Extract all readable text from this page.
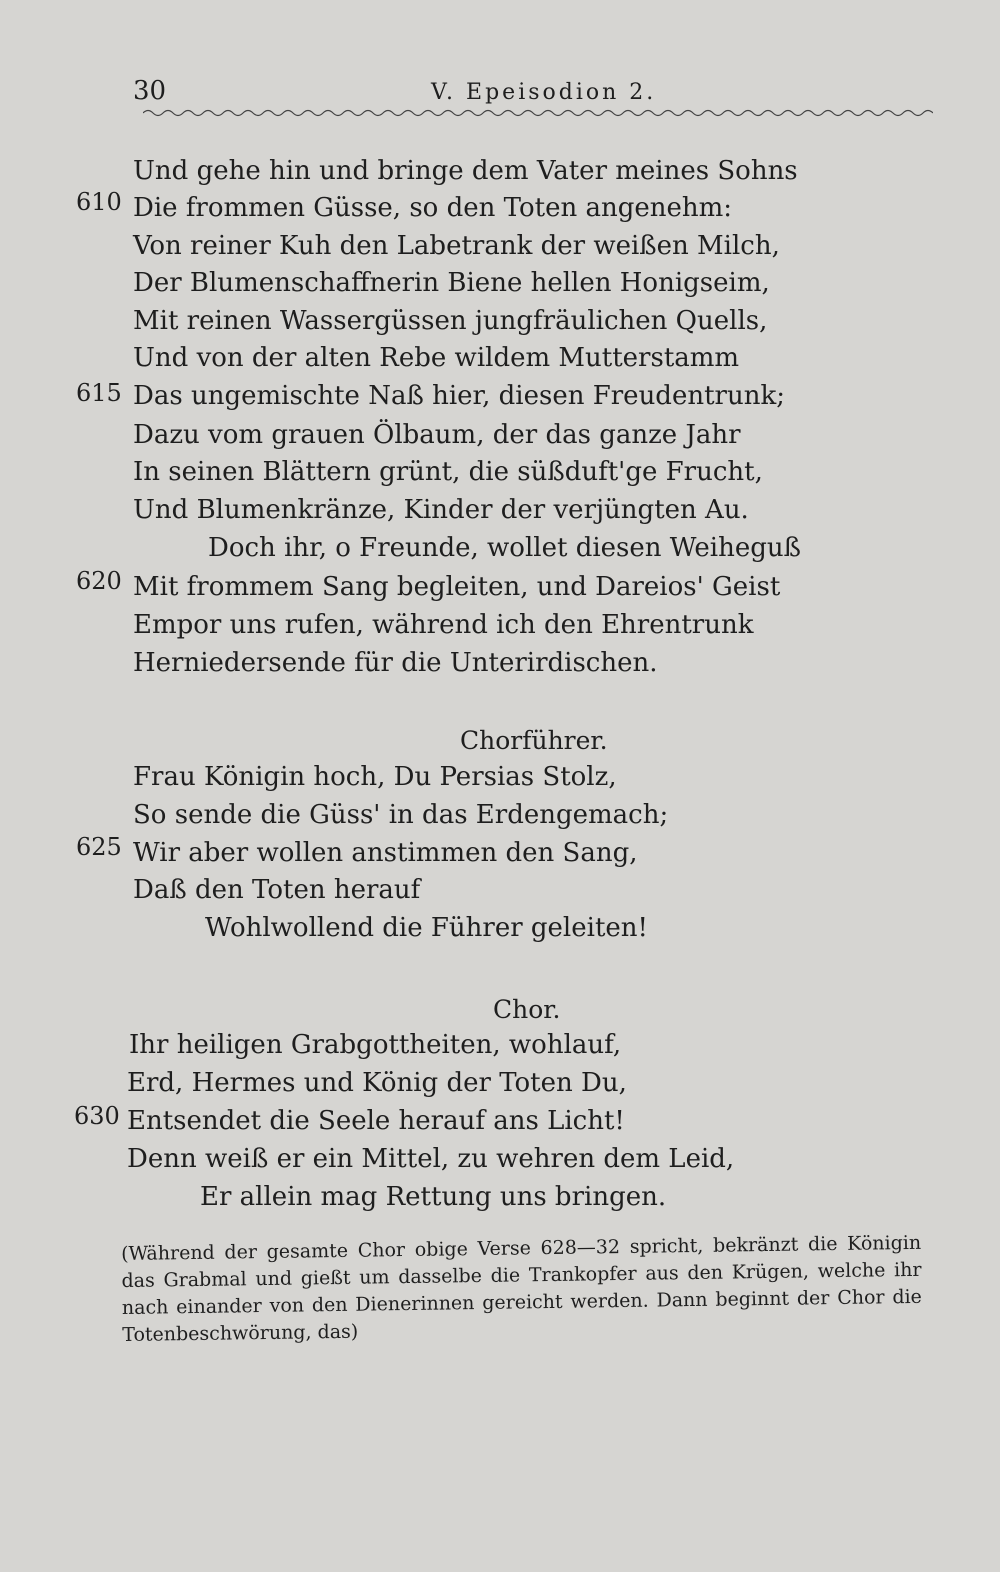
30	V. Epeisodion 2.
Und gehe hin und bringe dem Vater meines Sohns
610 Die frommen Güsse, so den Toten angenehm:
Von reiner Kuh den Labetrank der weißen Milch,
Der Blumenschaffnerin Biene hellen Honigseim,
Mit reinen Wassergüssen jungfräulichen Quells,
Und von der alten Rebe wildem Mutterstamm
615 Das ungemischte Naß hier, diesen Freudentrunk;
Dazu vom grauen Ölbaum, der das ganze Jahr
In seinen Blättern grünt, die süßduft'ge Frucht,
Und Blumenkränze, Kinder der verjüngten Au.
Doch ihr, o Freunde, wollet diesen Weiheguß
620 Mit frommem Sang begleiten, und Dareios' Geist
Empor uns rufen, während ich den Ehrentrunk
Herniedersende für die Unterirdischen.
Chorführer.
Frau Königin hoch, Du Persias Stolz,
So sende die Güss' in das Erdengemach;
625 Wir aber wollen anstimmen den Sang,
Daß den Toten herauf
Wohlwollend die Führer geleiten!
Chor.
Ihr heiligen Grabgottheiten, wohlauf,
Erd, Hermes und König der Toten Du,
630 Entsendet die Seele herauf ans Licht!
Denn weiß er ein Mittel, zu wehren dem Leid,
Er allein mag Rettung uns bringen.

(Während der gesamte Chor obige Verse 628—32 spricht, bekränzt die Königin das Grabmal und gießt um dasselbe die Trankopfer aus den Krügen, welche ihr nach einander von den Dienerinnen gereicht werden. Dann beginnt der Chor die Totenbeschwörung, das)
